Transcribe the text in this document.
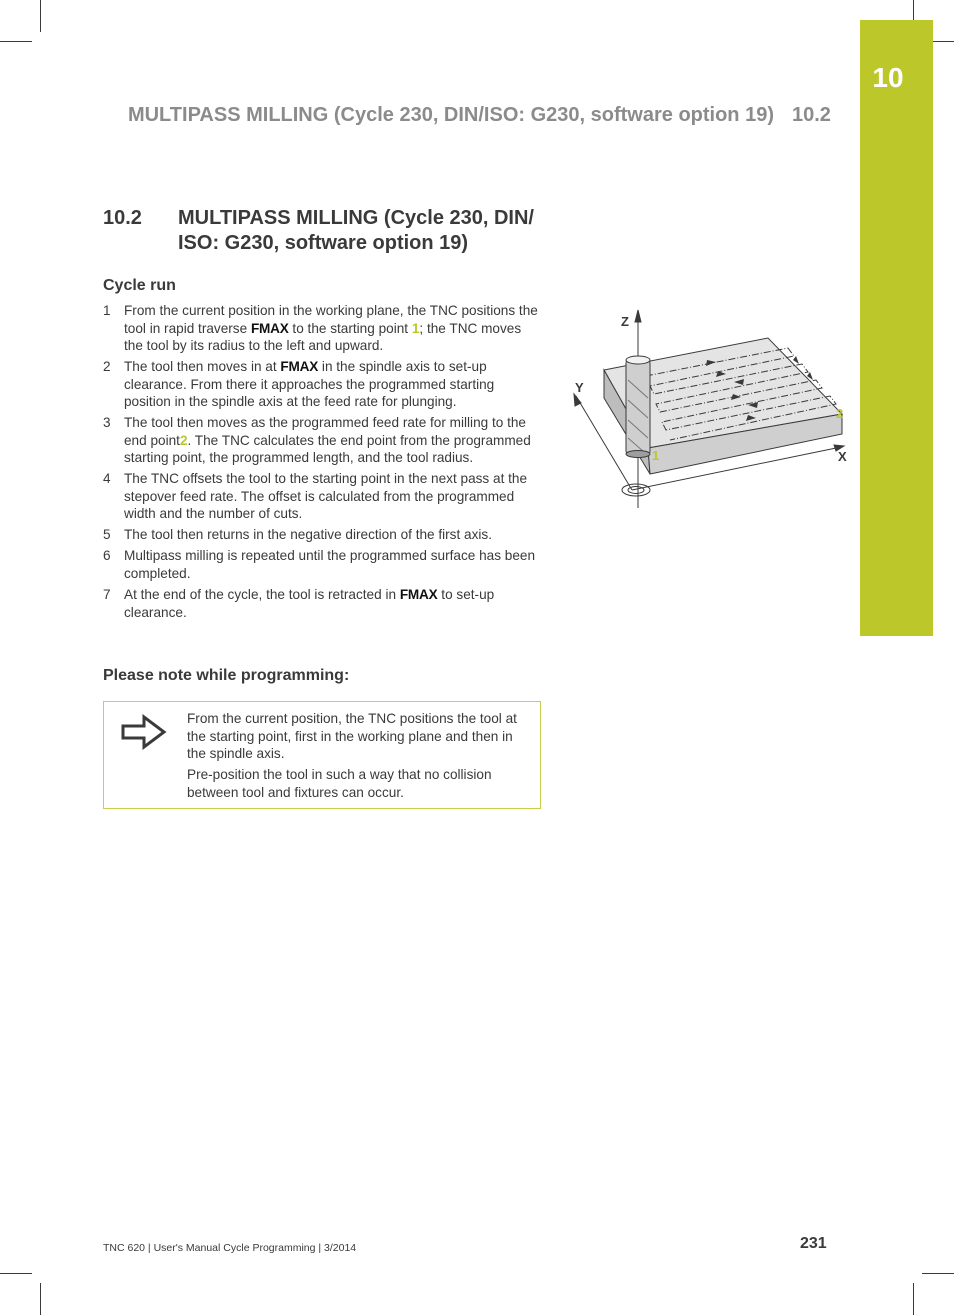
10
MULTIPASS MILLING (Cycle 230, DIN/ISO: G230, software option 19) 10.2
10.2 MULTIPASS MILLING (Cycle 230, DIN/
ISO: G230, software option 19)
Cycle run
1 From the current position in the working plane, the TNC positions the tool in rapid traverse FMAX to the starting point 1; the TNC moves the tool by its radius to the left and upward.
2 The tool then moves in at FMAX in the spindle axis to set-up clearance. From there it approaches the programmed starting position in the spindle axis at the feed rate for plunging.
3 The tool then moves as the programmed feed rate for milling to the end point2. The TNC calculates the end point from the programmed starting point, the programmed length, and the tool radius.
4 The TNC offsets the tool to the starting point in the next pass at the stepover feed rate. The offset is calculated from the programmed width and the number of cuts.
5 The tool then returns in the negative direction of the first axis.
6 Multipass milling is repeated until the programmed surface has been completed.
7 At the end of the cycle, the tool is retracted in FMAX to set-up clearance.
Please note while programming:

From the current position, the TNC positions the tool at the starting point, first in the working plane and then in the spindle axis.

Pre-position the tool in such a way that no collision between tool and fixtures can occur.

Z
Y
X
1
2
TNC 620 | User's Manual Cycle Programming | 3/2014	231
